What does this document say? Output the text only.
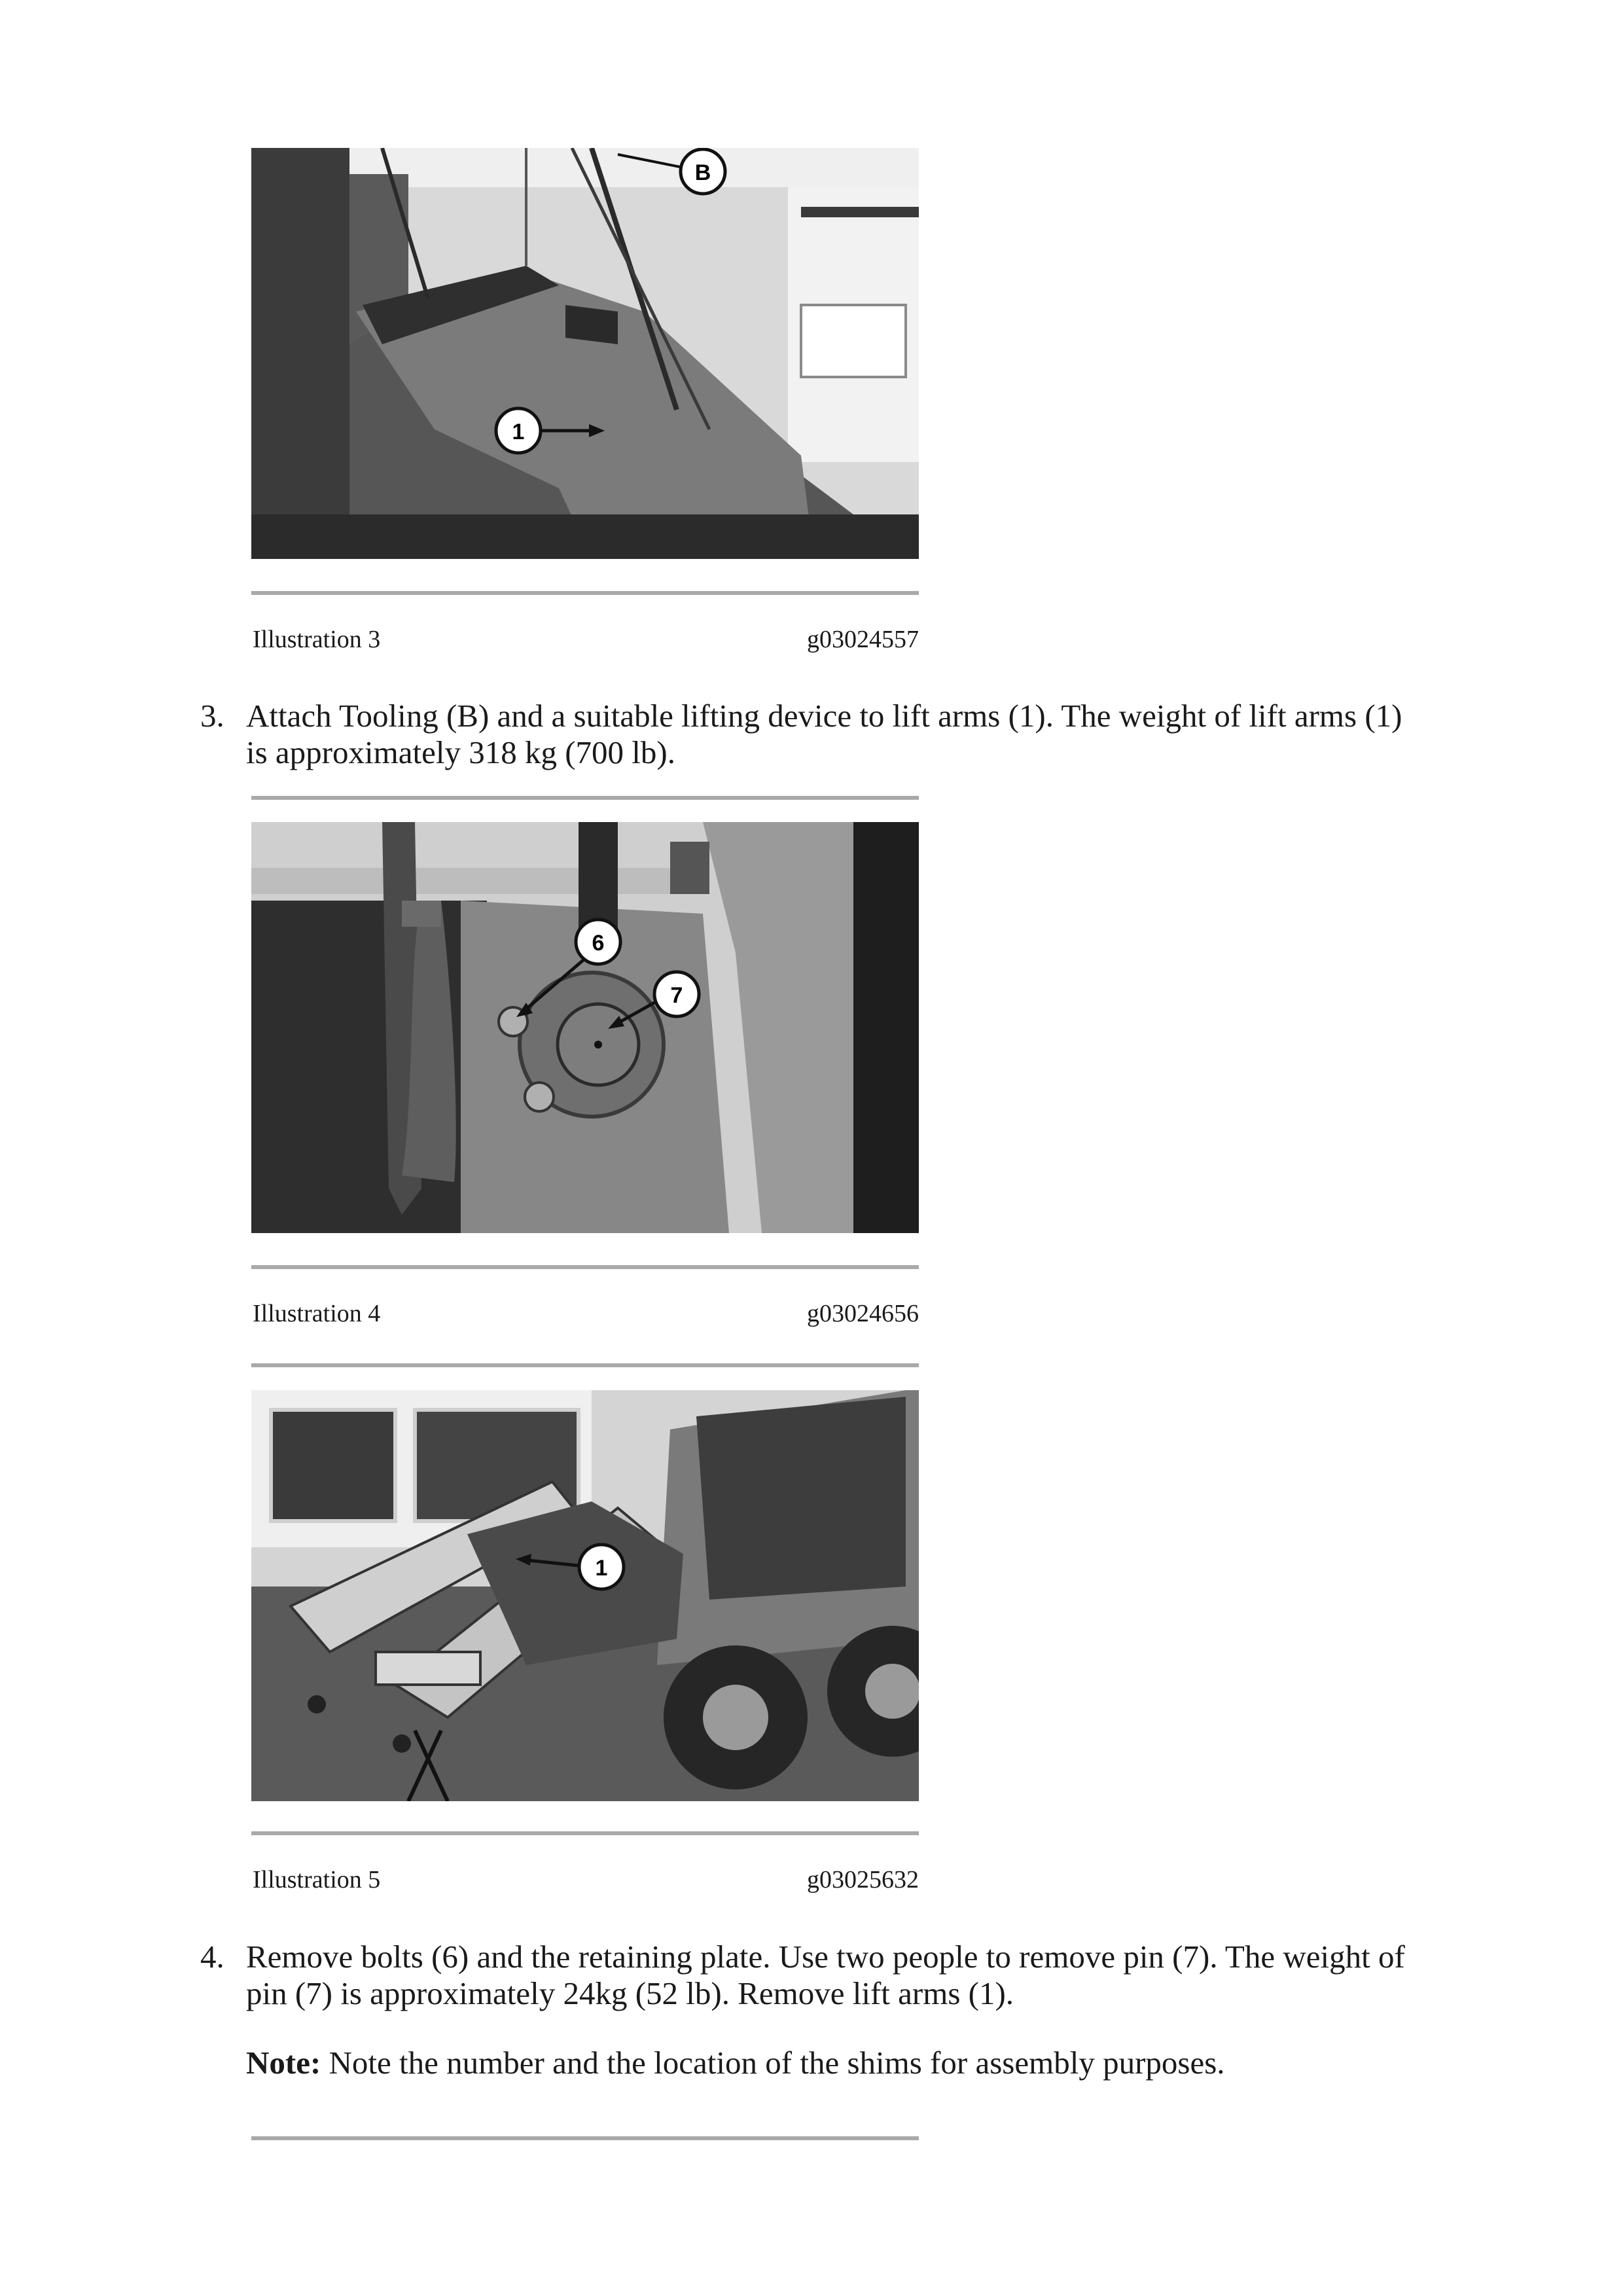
B
1
Illustration 3	g03024557
3. Attach Tooling (B) and a suitable lifting device to lift arms (1). The weight of lift arms (1)
is approximately 318 kg (700 lb).
6
7
Illustration 4	g03024656
1
Illustration 5	g03025632
4. Remove bolts (6) and the retaining plate. Use two people to remove pin (7). The weight of
pin (7) is approximately 24kg (52 lb). Remove lift arms (1).
Note: Note the number and the location of the shims for assembly purposes.
